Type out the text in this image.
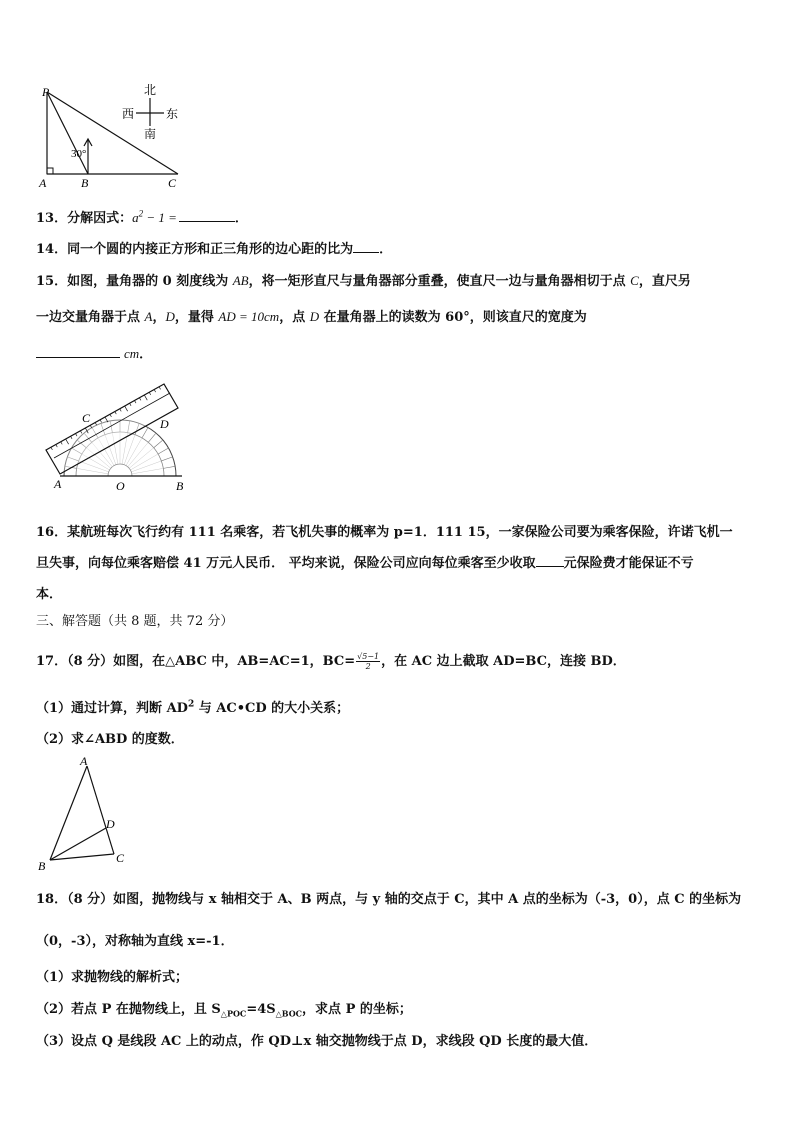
P
A	B	C
30°
北
南
西	东
13．分解因式：$a^2 - 1$ =	．
14．同一个圆的内接正方形和正三角形的边心距的比为 ．
15．如图，量角器的 0 刻度线为 AB，将一矩形直尺与量角器部分重叠，使直尺一边与量角器相切于点 C，直尺另
一边交量角器于点 A，D，量得 AD = 10cm，点 D 在量角器上的读数为 60°，则该直尺的宽度为
cm．
C	D
A	O	B
16．某航班每次飞行约有 111 名乘客，若飞机失事的概率为 p=1．111 15，一家保险公司要为乘客保险，许诺飞机一
旦失事，向每位乘客赔偿 41 万元人民币． 平均来说，保险公司应向每位乘客至少收取 元保险费才能保证不亏
本．
三、解答题（共 8 题，共 72 分）
17．（8 分）如图，在△ABC 中，AB=AC=1，$BC= \frac{√5-1}{2}$ ，在 AC 边上截取 AD=BC，连接 BD．
（1）通过计算，判断 $AD^2$ 与 AC•CD 的大小关系；
（2）求∠ABD 的度数．
A
B
C
D
18．（8 分）如图，抛物线与 x 轴相交于 A、B 两点，与 y 轴的交点于 C，其中 A 点的坐标为（-3，0），点 C 的坐标为
（0，-3），对称轴为直线 x=-1．
（1）求抛物线的解析式；
（2）若点 P 在抛物线上，且 $S_{\triangle POC}=4S_{\triangle BOC}$，求点 P 的坐标；
（3）设点 Q 是线段 AC 上的动点，作 QD⊥x 轴交抛物线于点 D，求线段 QD 长度的最大值．
